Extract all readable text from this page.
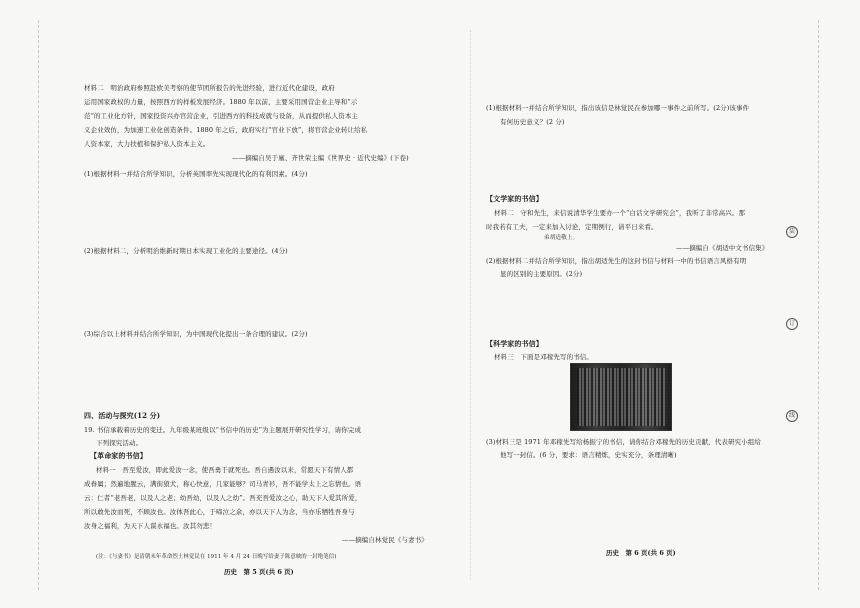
装
订
线
材料二　明治政府参照赴欧美考察的使节团所报告的先进经验，进行近代化建设，政府
运用国家政权的力量，按照西方的样板发展经济。1880 年以前，主要采用国营企业主导和“示
范”的工业化方针，国家投资兴办官营企业，引进西方的科技成就与设备，从而提供私人资本主
义企业效仿，为加速工业化创造条件。1880 年之后，政府实行“官业下放”，将官营企业转让给私
人资本家，大力扶植和保护私人资本主义。
——摘编自吴于廑、齐世荣主编《世界史 · 近代史编》(下卷)
(1)根据材料一并结合所学知识，分析英国率先实现现代化的有利因素。(4分)
(2)根据材料二，分析明治维新时期日本实现工业化的主要途径。(4分)
(3)综合以上材料并结合所学知识，为中国现代化提出一条合理的建议。(2分)
四、活动与探究(12 分)
19. 书信承载着历史的变迁。九年级某班级以“书信中的历史”为主题展开研究性学习，请你完成
下列探究活动。
【革命家的书信】
材料一　吾至爱汝，即此爱汝一念，使吾勇于就死也。吾自遇汝以来，常愿天下有情人都
成眷属；然遍地腥云，满街狼犬，称心快意，几家能够？司马青衫，吾不能学太上之忘情也。语
云：仁者“老吾老，以及人之老；幼吾幼，以及人之幼”。吾充吾爱汝之心，助天下人爱其所爱，
所以敢先汝而死，不顾汝也。汝体吾此心，于啼泣之余，亦以天下人为念，当亦乐牺牲吾身与
汝身之福利，为天下人谋永福也。汝其勿悲！
——摘编自林觉民《与妻书》
(注：《与妻书》是清朝末年革命烈士林觉民在 1911 年 4 月 24 日晚写给妻子陈意映的一封绝笔信)
历史　第 5 页(共 6 页)
(1)根据材料一并结合所学知识，指出该信是林觉民在参加哪一事件之前所写。(2分)该事件
有何历史意义？(2 分)
【文学家的书信】
材料二　守和先生，来信说清华学生要办一个“白话文学研究会”，我听了非常高兴。那
时我若有工夫，一定来加入讨论，定期例行，请平日来看。
弟胡适敬上。
——摘编自《胡适中文书信集》
(2)根据材料二并结合所学知识，指出胡适先生的这封书信与材料一中的书信语言风格有明
显的区别的主要原因。(2分)
【科学家的书信】
材料三　下面是邓稼先写的书信。
(3)材料三是 1971 年邓稼先写给杨振宁的书信，请你结合邓稼先的历史贡献，代表研究小组给
他写一封信。(6 分，要求：语言精炼，史实充分，条理清晰)
历史　第 6 页(共 6 页)
